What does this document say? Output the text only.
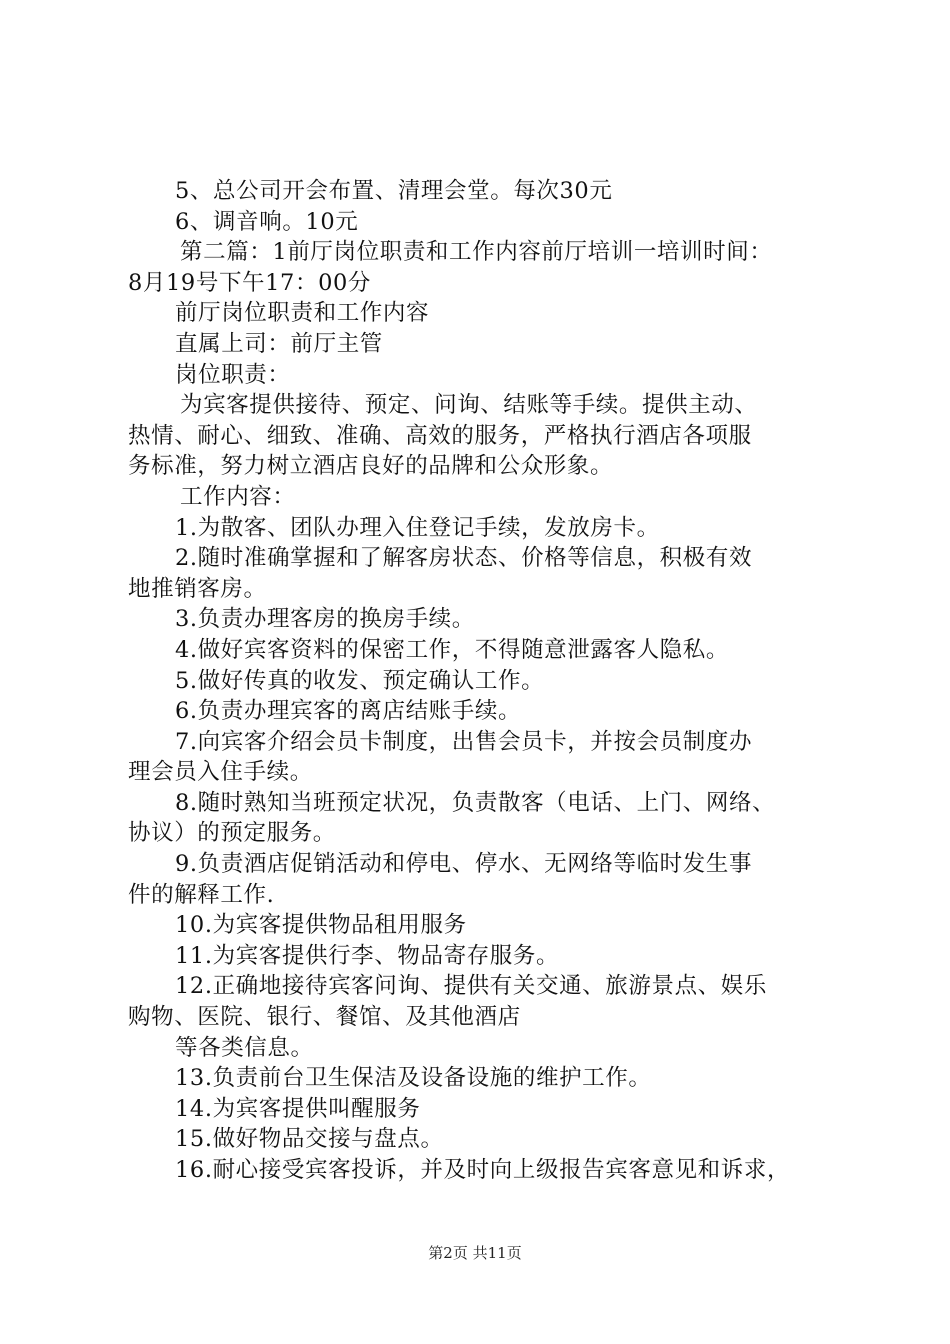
5、总公司开会布置、清理会堂。每次30元
6、调音响。10元
第二篇：1前厅岗位职责和工作内容前厅培训一培训时间：
8月19号下午17：00分
前厅岗位职责和工作内容
直属上司：前厅主管
岗位职责：
为宾客提供接待、预定、问询、结账等手续。提供主动、
热情、耐心、细致、准确、高效的服务，严格执行酒店各项服
务标准，努力树立酒店良好的品牌和公众形象。
工作内容：
1.为散客、团队办理入住登记手续，发放房卡。
2.随时准确掌握和了解客房状态、价格等信息，积极有效
地推销客房。
3.负责办理客房的换房手续。
4.做好宾客资料的保密工作，不得随意泄露客人隐私。
5.做好传真的收发、预定确认工作。
6.负责办理宾客的离店结账手续。
7.向宾客介绍会员卡制度，出售会员卡，并按会员制度办
理会员入住手续。
8.随时熟知当班预定状况，负责散客（电话、上门、网络、
协议）的预定服务。
9.负责酒店促销活动和停电、停水、无网络等临时发生事
件的解释工作.
10.为宾客提供物品租用服务
11.为宾客提供行李、物品寄存服务。
12.正确地接待宾客问询、提供有关交通、旅游景点、娱乐
购物、医院、银行、餐馆、及其他酒店
等各类信息。
13.负责前台卫生保洁及设备设施的维护工作。
14.为宾客提供叫醒服务
15.做好物品交接与盘点。
16.耐心接受宾客投诉，并及时向上级报告宾客意见和诉求，
第2页 共11页
